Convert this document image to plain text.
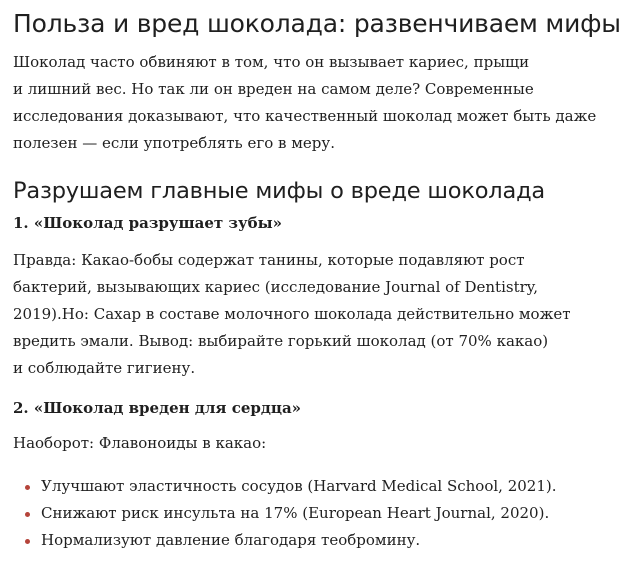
Польза и вред шоколада: развенчиваем мифы

Шоколад часто обвиняют в том, что он вызывает кариес, прыщи
и лишний вес. Но так ли он вреден на самом деле? Современные
исследования доказывают, что качественный шоколад может быть даже
полезен — если употреблять его в меру.

Разрушаем главные мифы о вреде шоколада
1. «Шоколад разрушает зубы»

Правда: Какао-бобы содержат танины, которые подавляют рост
бактерий, вызывающих кариес (исследование Journal of Dentistry,
2019).Но: Сахар в составе молочного шоколада действительно может
вредить эмали. Вывод: выбирайте горький шоколад (от 70% какао)
и соблюдайте гигиену.

2. «Шоколад вреден для сердца»

Наоборот: Флавоноиды в какао:

Улучшают эластичность сосудов (Harvard Medical School, 2021).
Снижают риск инсульта на 17% (European Heart Journal, 2020).
Нормализуют давление благодаря теобромину.
